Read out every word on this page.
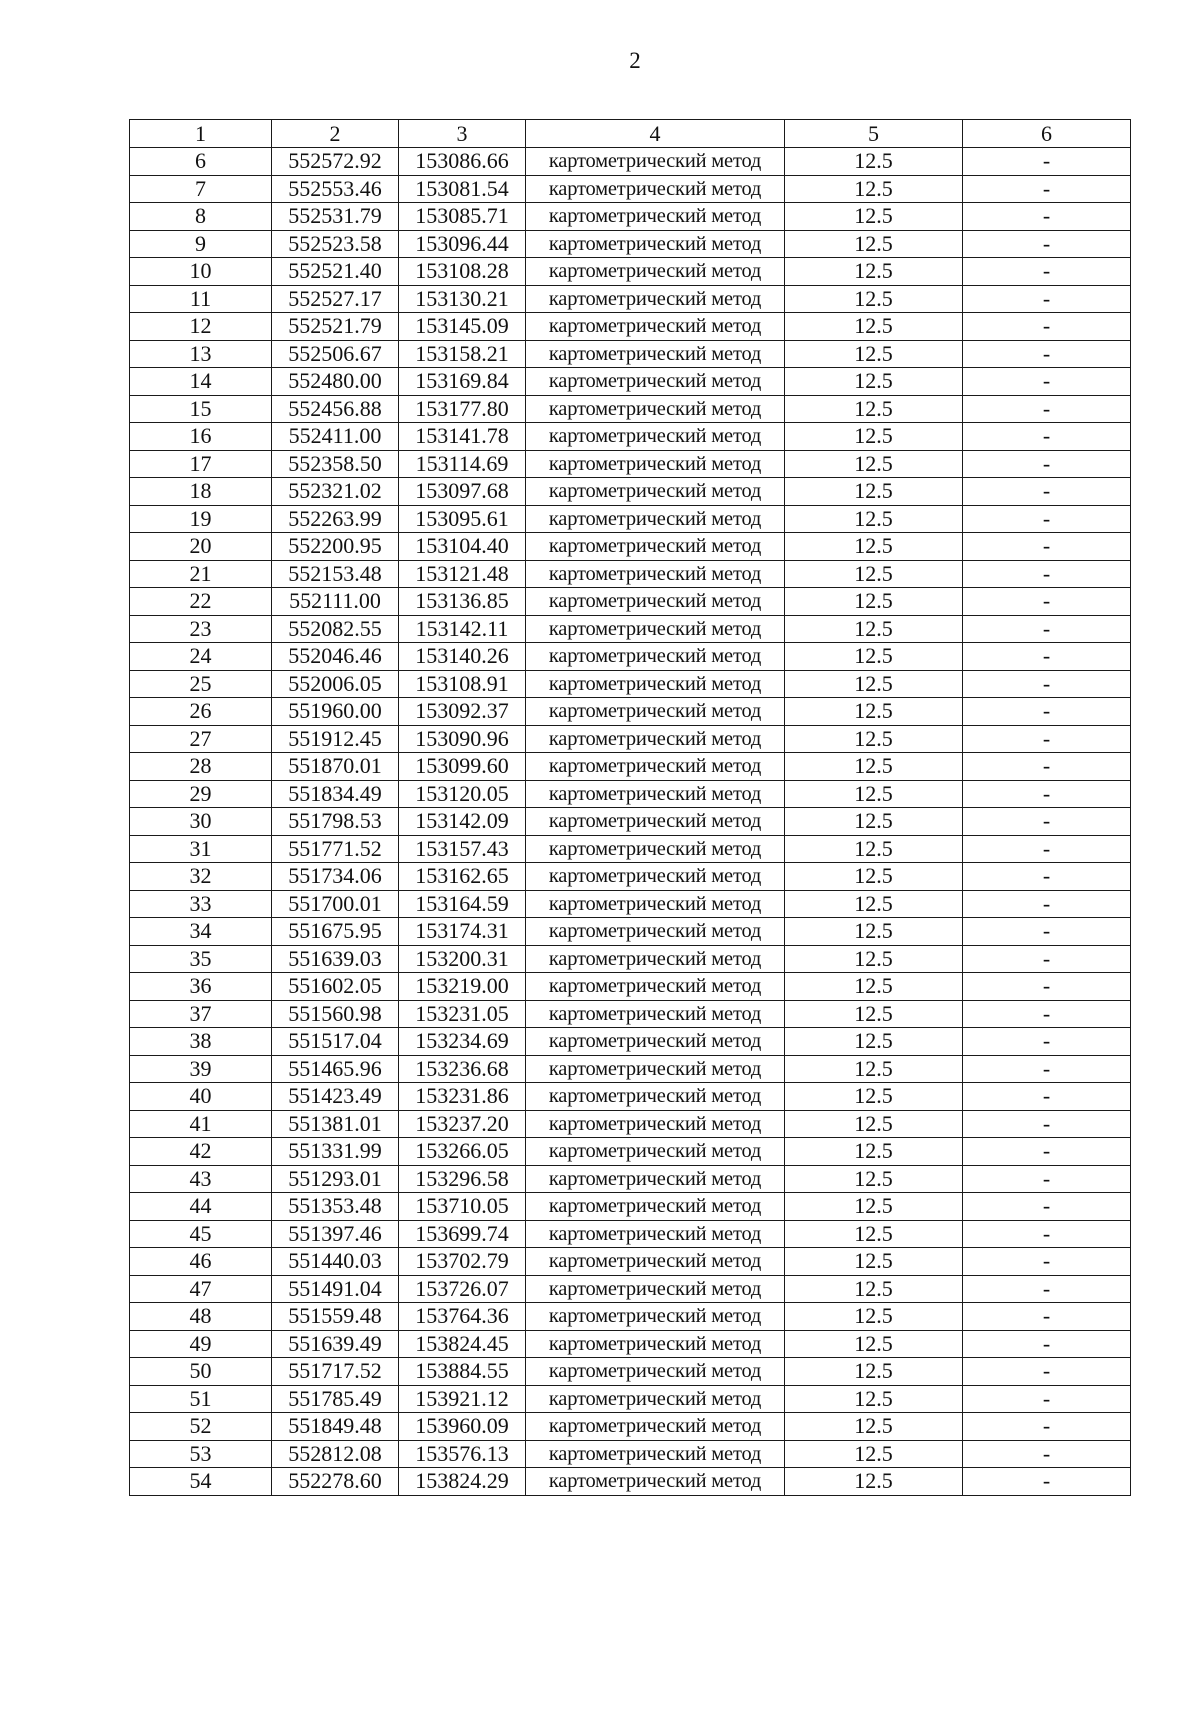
2
1	2	3	4	5	6
6	552572.92	153086.66	картометрический метод	12.5	-
7	552553.46	153081.54	картометрический метод	12.5	-
8	552531.79	153085.71	картометрический метод	12.5	-
9	552523.58	153096.44	картометрический метод	12.5	-
10	552521.40	153108.28	картометрический метод	12.5	-
11	552527.17	153130.21	картометрический метод	12.5	-
12	552521.79	153145.09	картометрический метод	12.5	-
13	552506.67	153158.21	картометрический метод	12.5	-
14	552480.00	153169.84	картометрический метод	12.5	-
15	552456.88	153177.80	картометрический метод	12.5	-
16	552411.00	153141.78	картометрический метод	12.5	-
17	552358.50	153114.69	картометрический метод	12.5	-
18	552321.02	153097.68	картометрический метод	12.5	-
19	552263.99	153095.61	картометрический метод	12.5	-
20	552200.95	153104.40	картометрический метод	12.5	-
21	552153.48	153121.48	картометрический метод	12.5	-
22	552111.00	153136.85	картометрический метод	12.5	-
23	552082.55	153142.11	картометрический метод	12.5	-
24	552046.46	153140.26	картометрический метод	12.5	-
25	552006.05	153108.91	картометрический метод	12.5	-
26	551960.00	153092.37	картометрический метод	12.5	-
27	551912.45	153090.96	картометрический метод	12.5	-
28	551870.01	153099.60	картометрический метод	12.5	-
29	551834.49	153120.05	картометрический метод	12.5	-
30	551798.53	153142.09	картометрический метод	12.5	-
31	551771.52	153157.43	картометрический метод	12.5	-
32	551734.06	153162.65	картометрический метод	12.5	-
33	551700.01	153164.59	картометрический метод	12.5	-
34	551675.95	153174.31	картометрический метод	12.5	-
35	551639.03	153200.31	картометрический метод	12.5	-
36	551602.05	153219.00	картометрический метод	12.5	-
37	551560.98	153231.05	картометрический метод	12.5	-
38	551517.04	153234.69	картометрический метод	12.5	-
39	551465.96	153236.68	картометрический метод	12.5	-
40	551423.49	153231.86	картометрический метод	12.5	-
41	551381.01	153237.20	картометрический метод	12.5	-
42	551331.99	153266.05	картометрический метод	12.5	-
43	551293.01	153296.58	картометрический метод	12.5	-
44	551353.48	153710.05	картометрический метод	12.5	-
45	551397.46	153699.74	картометрический метод	12.5	-
46	551440.03	153702.79	картометрический метод	12.5	-
47	551491.04	153726.07	картометрический метод	12.5	-
48	551559.48	153764.36	картометрический метод	12.5	-
49	551639.49	153824.45	картометрический метод	12.5	-
50	551717.52	153884.55	картометрический метод	12.5	-
51	551785.49	153921.12	картометрический метод	12.5	-
52	551849.48	153960.09	картометрический метод	12.5	-
53	552812.08	153576.13	картометрический метод	12.5	-
54	552278.60	153824.29	картометрический метод	12.5	-
